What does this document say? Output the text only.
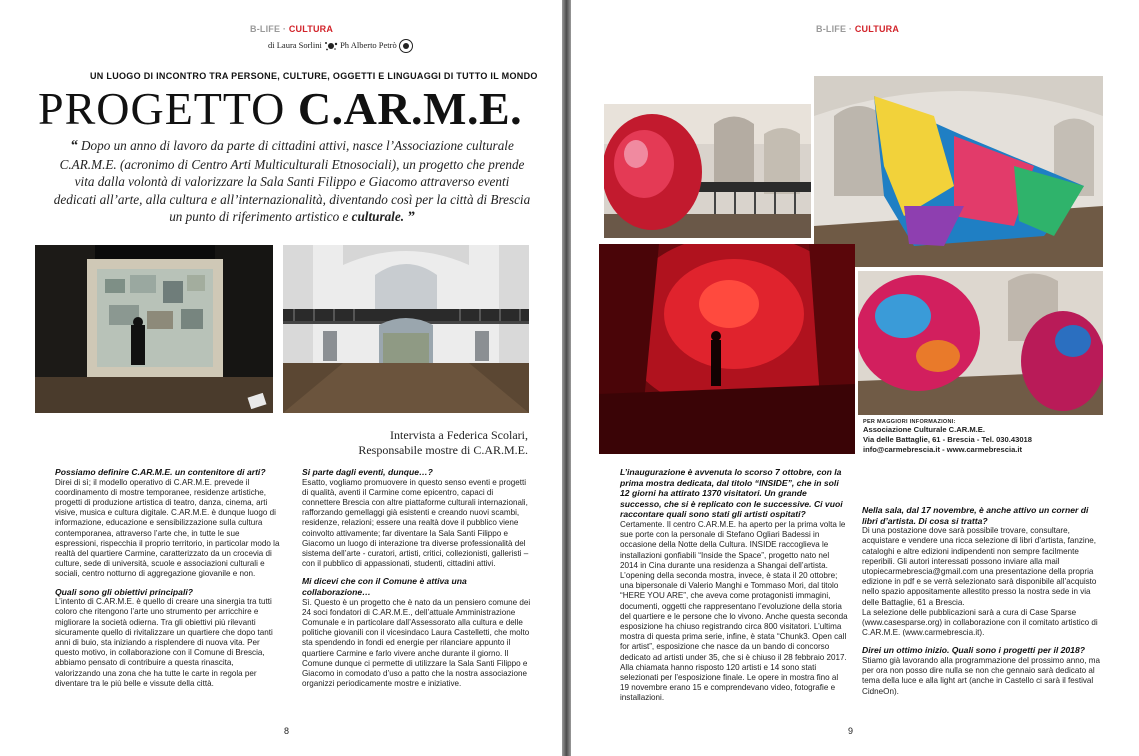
B-LIFE · CULTURA
di Laura Sorlini Ph Alberto Petrò
UN LUOGO DI INCONTRO TRA PERSONE, CULTURE, OGGETTI E LINGUAGGI DI TUTTO IL MONDO
PROGETTO C.AR.M.E.
“ Dopo un anno di lavoro da parte di cittadini attivi, nasce l’Associazione culturale C.AR.M.E. (acronimo di Centro Arti Multiculturali Etnosociali), un progetto che prende vita dalla volontà di valorizzare la Sala Santi Filippo e Giacomo attraverso eventi dedicati all’arte, alla cultura e all’internazionalità, diventando così per la città di Brescia un punto di riferimento artistico e culturale. ”
Intervista a Federica Scolari,
Responsabile mostre di C.AR.M.E.
Possiamo definire C.AR.M.E. un contenitore di arti?

Direi di sì; il modello operativo di C.AR.M.E. prevede il coordinamento di mostre temporanee, residenze artistiche, progetti di produzione artistica di teatro, danza, cinema, arti visive, musica e cultura digitale. C.AR.M.E. è dunque luogo di informazione, educazione e sensibilizzazione sulla cultura contemporanea, attraverso l’arte che, in tutte le sue espressioni, rispecchia il proprio territorio, in particolar modo la realtà del quartiere Carmine, caratterizzato da un crocevia di culture, sede di università, scuole e associazioni culturali e sociali, centro notturno di aggregazione giovanile e non.

Quali sono gli obiettivi principali?

L’intento di C.AR.M.E. è quello di creare una sinergia tra tutti coloro che ritengono l’arte uno strumento per arricchire e migliorare la società odierna. Tra gli obiettivi più rilevanti sicuramente quello di rivitalizzare un quartiere che dopo tanti anni di buio, sta iniziando a risplendere di nuova vita. Per questo motivo, in collaborazione con il Comune di Brescia, abbiamo pensato di contribuire a questa rinascita, valorizzando una zona che ha tutte le carte in regola per diventare tra le più belle e vissute della città.

Si parte dagli eventi, dunque…?

Esatto, vogliamo promuovere in questo senso eventi e progetti di qualità, aventi il Carmine come epicentro, capaci di connettere Brescia con altre piattaforme culturali internazionali, rafforzando gemellaggi già esistenti e creando nuovi scambi, residenze, relazioni; essere una realtà dove il pubblico viene coinvolto attivamente; far diventare la Sala Santi Filippo e Giacomo un luogo di interazione tra diverse professionalità del sistema dell’arte - curatori, artisti, critici, collezionisti, galleristi – con il pubblico di appassionati, studenti, cittadini attivi.

Mi dicevi che con il Comune è attiva una collaborazione…

Sì. Questo è un progetto che è nato da un pensiero comune dei 24 soci fondatori di C.AR.M.E., dell’attuale Amministrazione Comunale e in particolare dall’Assessorato alla cultura e delle politiche giovanili con il vicesindaco Laura Castelletti, che molto sta spendendo in fondi ed energie per rilanciare appunto il quartiere Carmine e farlo vivere anche durante il giorno. Il Comune dunque ci permette di utilizzare la Sala Santi Filippo e Giacomo in comodato d’uso a patto che la nostra associazione organizzi periodicamente mostre e iniziative.

8
B-LIFE · CULTURA
9
PER MAGGIORI INFORMAZIONI:
Associazione Culturale C.AR.M.E.
Via delle Battaglie, 61 - Brescia - Tel. 030.43018
info@carmebrescia.it - www.carmebrescia.it
L’inaugurazione è avvenuta lo scorso 7 ottobre, con la prima mostra dedicata, dal titolo “INSIDE”, che in soli 12 giorni ha attirato 1370 visitatori. Un grande successo, che si è replicato con le successive. Ci vuoi raccontare quali sono stati gli artisti ospitati?

Certamente. Il centro C.AR.M.E. ha aperto per la prima volta le sue porte con la personale di Stefano Ogliari Badessi in occasione della Notte della Cultura. INSIDE raccoglieva le installazioni gonfiabili “Inside the Space”, progetto nato nel 2014 in Cina durante una residenza a Shangai dell’artista.

L’opening della seconda mostra, invece, è stata il 20 ottobre; una bipersonale di Valerio Manghi e Tommaso Mori, dal titolo “HERE YOU ARE”, che aveva come protagonisti immagini, documenti, oggetti che rappresentano l’evoluzione della storia del quartiere e le persone che lo vivono. Anche questa seconda esposizione ha chiuso registrando circa 800 visitatori. L’ultima mostra di questa prima serie, infine, è stata “Chunk3. Open call for artist”, esposizione che nasce da un bando di concorso dedicato ad artisti under 35, che si è chiuso il 28 febbraio 2017. Alla chiamata hanno risposto 120 artisti e 14 sono stati selezionati per l’esposizione finale. Le opere in mostra fino al 19 novembre erano 15 e comprendevano video, fotografie e installazioni.

Nella sala, dal 17 novembre, è anche attivo un corner di libri d’artista. Di cosa si tratta?

Di una postazione dove sarà possibile trovare, consultare, acquistare e vendere una ricca selezione di libri d’artista, fanzine, cataloghi e altre edizioni indipendenti non sempre facilmente reperibili. Gli autori interessati possono inviare alla mail utopiecarmebrescia@gmail.com una presentazione della propria edizione in pdf e se verrà selezionato sarà disponibile all’acquisto nello spazio appositamente allestito presso la nostra sede in via delle Battaglie, 61 a Brescia.

La selezione delle pubblicazioni sarà a cura di Case Sparse (www.casesparse.org) in collaborazione con il comitato artistico di C.AR.M.E. (www.carmebrescia.it).

Direi un ottimo inizio. Quali sono i progetti per il 2018?

Stiamo già lavorando alla programmazione del prossimo anno, ma per ora non posso dire nulla se non che gennaio sarà dedicato al tema della luce e alla light art (anche in Castello ci sarà il festival CidneOn).
